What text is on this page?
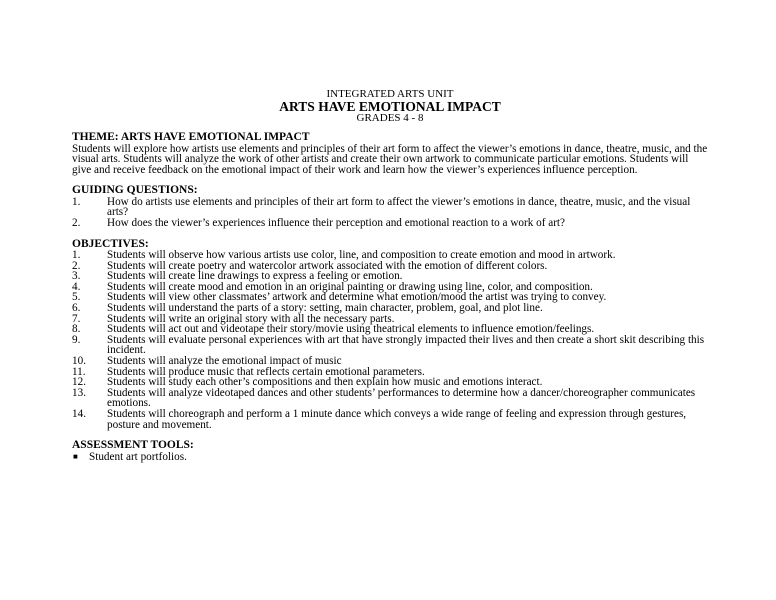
INTEGRATED ARTS UNIT
ARTS HAVE EMOTIONAL IMPACT
GRADES 4 - 8
THEME: ARTS HAVE EMOTIONAL IMPACT
Students will explore how artists use elements and principles of their art form to affect the viewer’s emotions in dance, theatre, music, and the visual arts. Students will analyze the work of other artists and create their own artwork to communicate particular emotions. Students will give and receive feedback on the emotional impact of their work and learn how the viewer’s experiences influence perception.
GUIDING QUESTIONS:
1.	How do artists use elements and principles of their art form to affect the viewer’s emotions in dance, theatre, music, and the visual arts?
2.	How does the viewer’s experiences influence their perception and emotional reaction to a work of art?
OBJECTIVES:
1.	Students will observe how various artists use color, line, and composition to create emotion and mood in artwork.
2.	Students will create poetry and watercolor artwork associated with the emotion of different colors.
3.	Students will create line drawings to express a feeling or emotion.
4.	Students will create mood and emotion in an original painting or drawing using line, color, and composition.
5.	Students will view other classmates’ artwork and determine what emotion/mood the artist was trying to convey.
6.	Students will understand the parts of a story: setting, main character, problem, goal, and plot line.
7.	Students will write an original story with all the necessary parts.
8.	Students will act out and videotape their story/movie using theatrical elements to influence emotion/feelings.
9.	Students will evaluate personal experiences with art that have strongly impacted their lives and then create a short skit describing this incident.
10.	Students will analyze the emotional impact of music
11.	Students will produce music that reflects certain emotional parameters.
12.	Students will study each other’s compositions and then explain how music and emotions interact.
13.	Students will analyze videotaped dances and other students’ performances to determine how a dancer/choreographer communicates emotions.
14.	Students will choreograph and perform a 1 minute dance which conveys a wide range of feeling and expression through gestures, posture and movement.
ASSESSMENT TOOLS:
■ Student art portfolios.
